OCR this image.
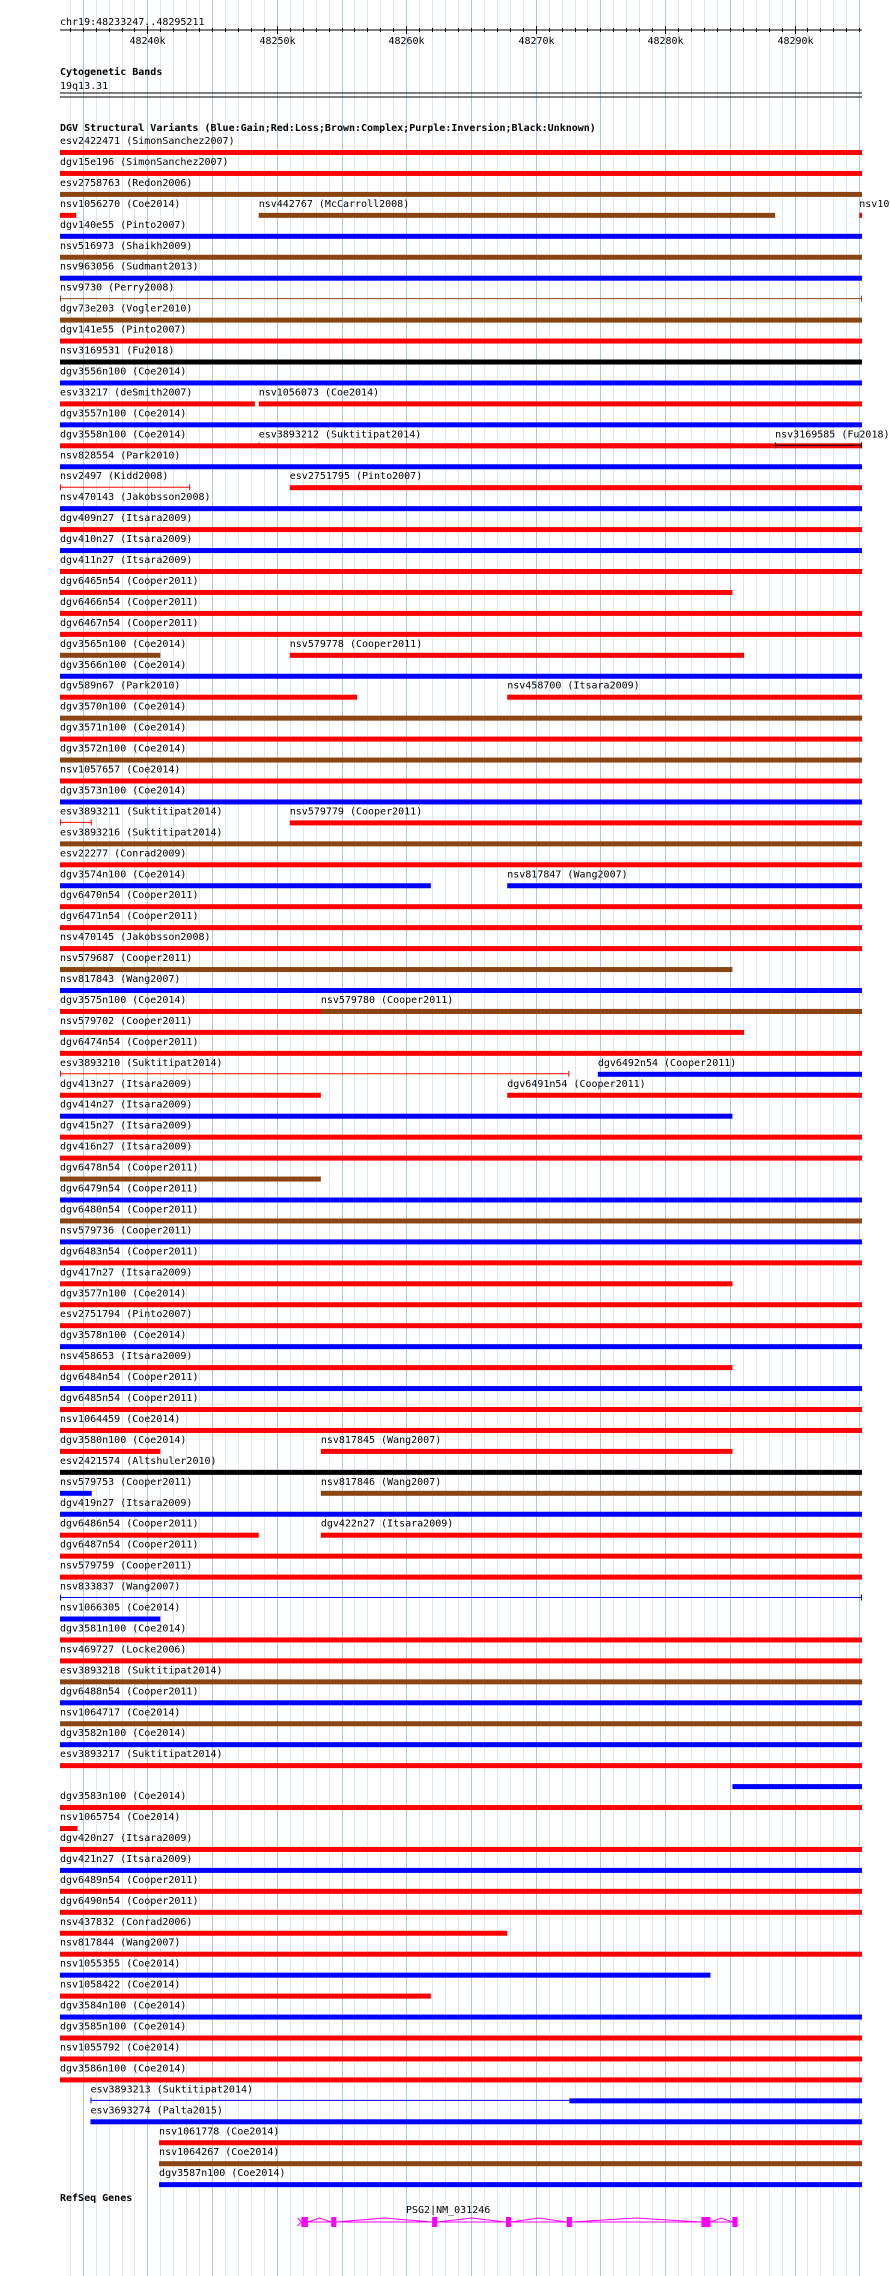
chr19:48233247..48295211
48240k	48250k	48260k	48270k	48280k	48290k
Cytogenetic Bands
19q13.31
DGV Structural Variants (Blue:Gain;Red:Loss;Brown:Complex;Purple:Inversion;Black:Unknown)
esv2422471 (SimonSanchez2007)
dgv15e196 (SimonSanchez2007)
esv2758763 (Redon2006)
nsv1056270 (Coe2014)	nsv442767 (McCarroll2008)	nsv10
dgv140e55 (Pinto2007)
nsv516973 (Shaikh2009)
nsv963056 (Sudmant2013)
nsv9730 (Perry2008)
dgv73e203 (Vogler2010)
dgv141e55 (Pinto2007)
nsv3169531 (Fu2018)
dgv3556n100 (Coe2014)
esv33217 (deSmith2007)	nsv1056073 (Coe2014)
dgv3557n100 (Coe2014)
dgv3558n100 (Coe2014)	esv3893212 (Suktitipat2014)	nsv3169585 (Fu2018)
nsv828554 (Park2010)
nsv2497 (Kidd2008)	esv2751795 (Pinto2007)
nsv470143 (Jakobsson2008)
dgv409n27 (Itsara2009)
dgv410n27 (Itsara2009)
dgv411n27 (Itsara2009)
dgv6465n54 (Cooper2011)
dgv6466n54 (Cooper2011)
dgv6467n54 (Cooper2011)
dgv3565n100 (Coe2014)	nsv579778 (Cooper2011)
dgv3566n100 (Coe2014)
dgv589n67 (Park2010)	nsv458700 (Itsara2009)
dgv3570n100 (Coe2014)
dgv3571n100 (Coe2014)
dgv3572n100 (Coe2014)
nsv1057657 (Coe2014)
dgv3573n100 (Coe2014)
esv3893211 (Suktitipat2014)	nsv579779 (Cooper2011)
esv3893216 (Suktitipat2014)
esv22277 (Conrad2009)
dgv3574n100 (Coe2014)	nsv817847 (Wang2007)
dgv6470n54 (Cooper2011)
dgv6471n54 (Cooper2011)
nsv470145 (Jakobsson2008)
nsv579687 (Cooper2011)
nsv817843 (Wang2007)
dgv3575n100 (Coe2014)	nsv579780 (Cooper2011)
nsv579702 (Cooper2011)
dgv6474n54 (Cooper2011)
esv3893210 (Suktitipat2014)	dgv6492n54 (Cooper2011)
dgv413n27 (Itsara2009)	dgv6491n54 (Cooper2011)
dgv414n27 (Itsara2009)
dgv415n27 (Itsara2009)
dgv416n27 (Itsara2009)
dgv6478n54 (Cooper2011)
dgv6479n54 (Cooper2011)
dgv6480n54 (Cooper2011)
nsv579736 (Cooper2011)
dgv6483n54 (Cooper2011)
dgv417n27 (Itsara2009)
dgv3577n100 (Coe2014)
esv2751794 (Pinto2007)
dgv3578n100 (Coe2014)
nsv458653 (Itsara2009)
dgv6484n54 (Cooper2011)
dgv6485n54 (Cooper2011)
nsv1064459 (Coe2014)
dgv3580n100 (Coe2014)	nsv817845 (Wang2007)
esv2421574 (Altshuler2010)
nsv579753 (Cooper2011)	nsv817846 (Wang2007)
dgv419n27 (Itsara2009)
dgv6486n54 (Cooper2011)	dgv422n27 (Itsara2009)
dgv6487n54 (Cooper2011)
nsv579759 (Cooper2011)
nsv833837 (Wang2007)
nsv1066305 (Coe2014)
dgv3581n100 (Coe2014)
nsv469727 (Locke2006)
esv3893218 (Suktitipat2014)
dgv6488n54 (Cooper2011)
nsv1064717 (Coe2014)
dgv3582n100 (Coe2014)
esv3893217 (Suktitipat2014)
dgv3583n100 (Coe2014)
nsv1065754 (Coe2014)
dgv420n27 (Itsara2009)
dgv421n27 (Itsara2009)
dgv6489n54 (Cooper2011)
dgv6490n54 (Cooper2011)
nsv437832 (Conrad2006)
nsv817844 (Wang2007)
nsv1055355 (Coe2014)
nsv1058422 (Coe2014)
dgv3584n100 (Coe2014)
dgv3585n100 (Coe2014)
nsv1055792 (Coe2014)
dgv3586n100 (Coe2014)
esv3893213 (Suktitipat2014)
esv3693274 (Palta2015)
nsv1061778 (Coe2014)
nsv1064267 (Coe2014)
dgv3587n100 (Coe2014)
RefSeq Genes
PSG2|NM_031246
